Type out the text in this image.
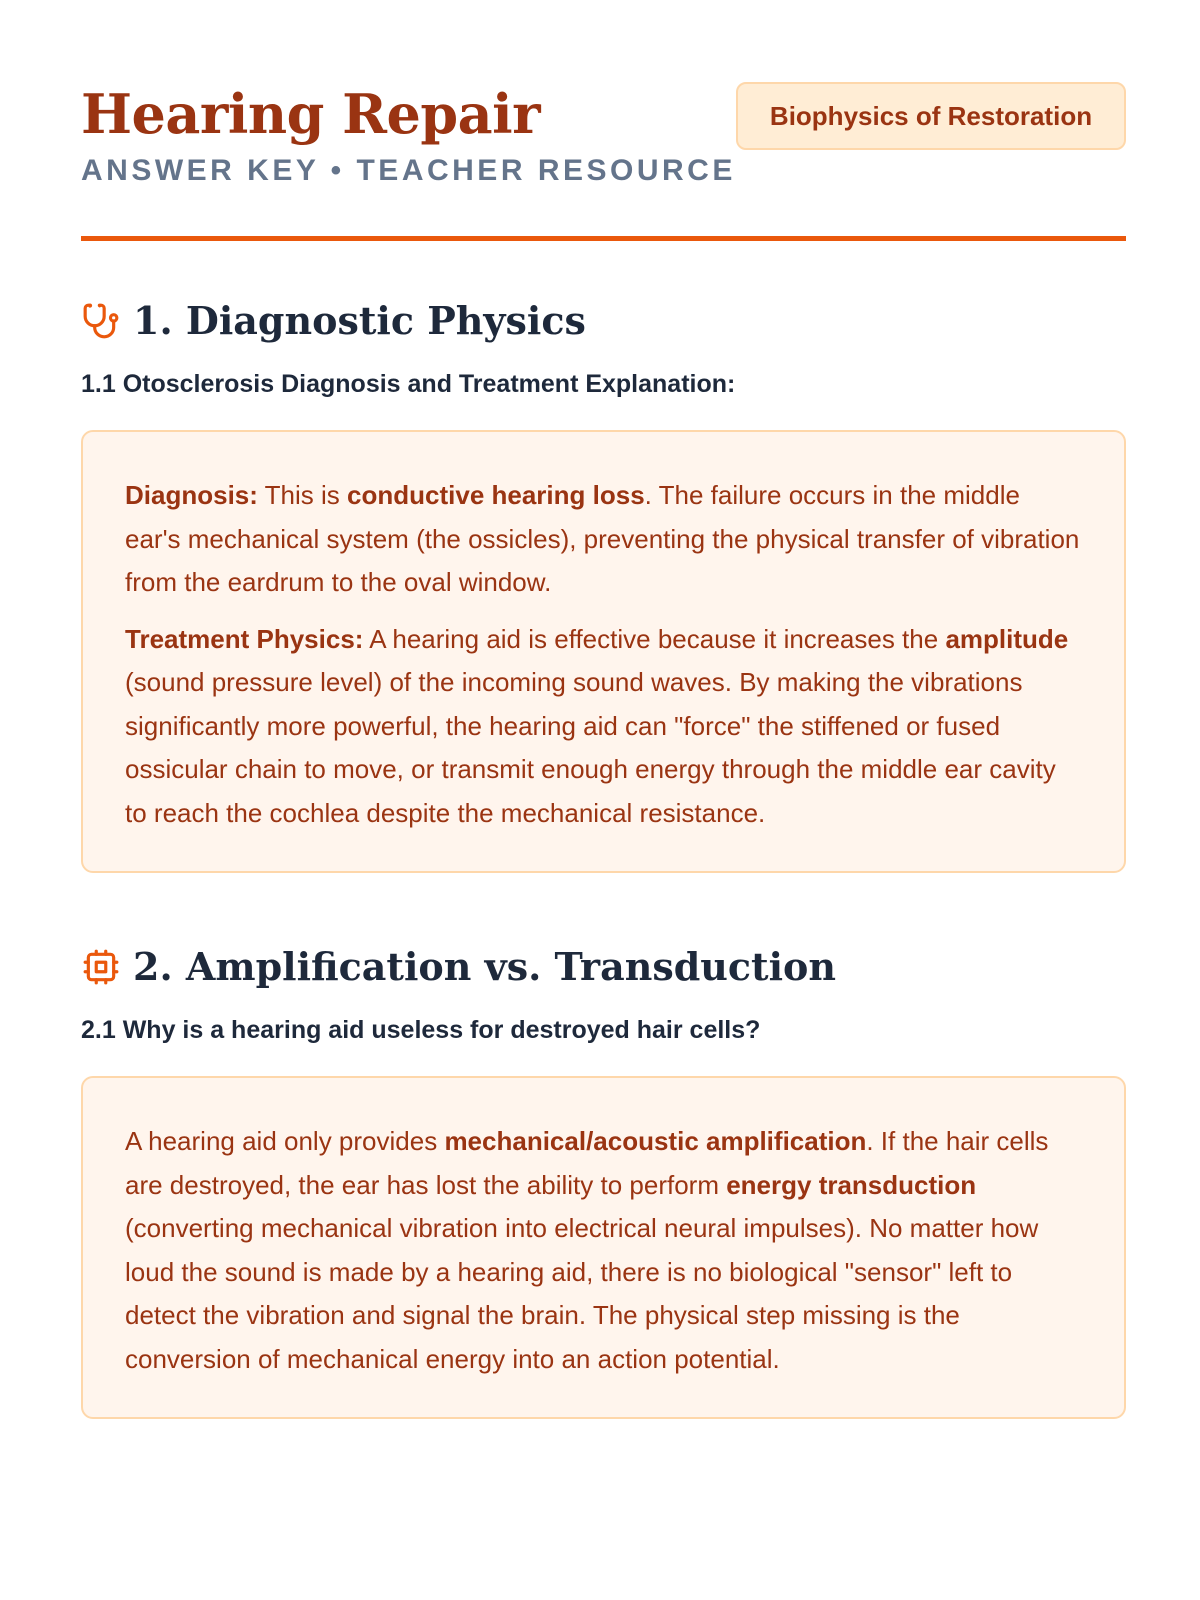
Hearing Repair
ANSWER KEY • TEACHER RESOURCE
Biophysics of Restoration
1. Diagnostic Physics

1.1 Otosclerosis Diagnosis and Treatment Explanation:

Diagnosis: This is conductive hearing loss. The failure occurs in the middle ear's mechanical system (the ossicles), preventing the physical transfer of vibration from the eardrum to the oval window.

Treatment Physics: A hearing aid is effective because it increases the amplitude (sound pressure level) of the incoming sound waves. By making the vibrations significantly more powerful, the hearing aid can "force" the stiffened or fused ossicular chain to move, or transmit enough energy through the middle ear cavity to reach the cochlea despite the mechanical resistance.

2. Amplification vs. Transduction

2.1 Why is a hearing aid useless for destroyed hair cells?

A hearing aid only provides mechanical/acoustic amplification. If the hair cells are destroyed, the ear has lost the ability to perform energy transduction (converting mechanical vibration into electrical neural impulses). No matter how loud the sound is made by a hearing aid, there is no biological "sensor" left to detect the vibration and signal the brain. The physical step missing is the conversion of mechanical energy into an action potential.
